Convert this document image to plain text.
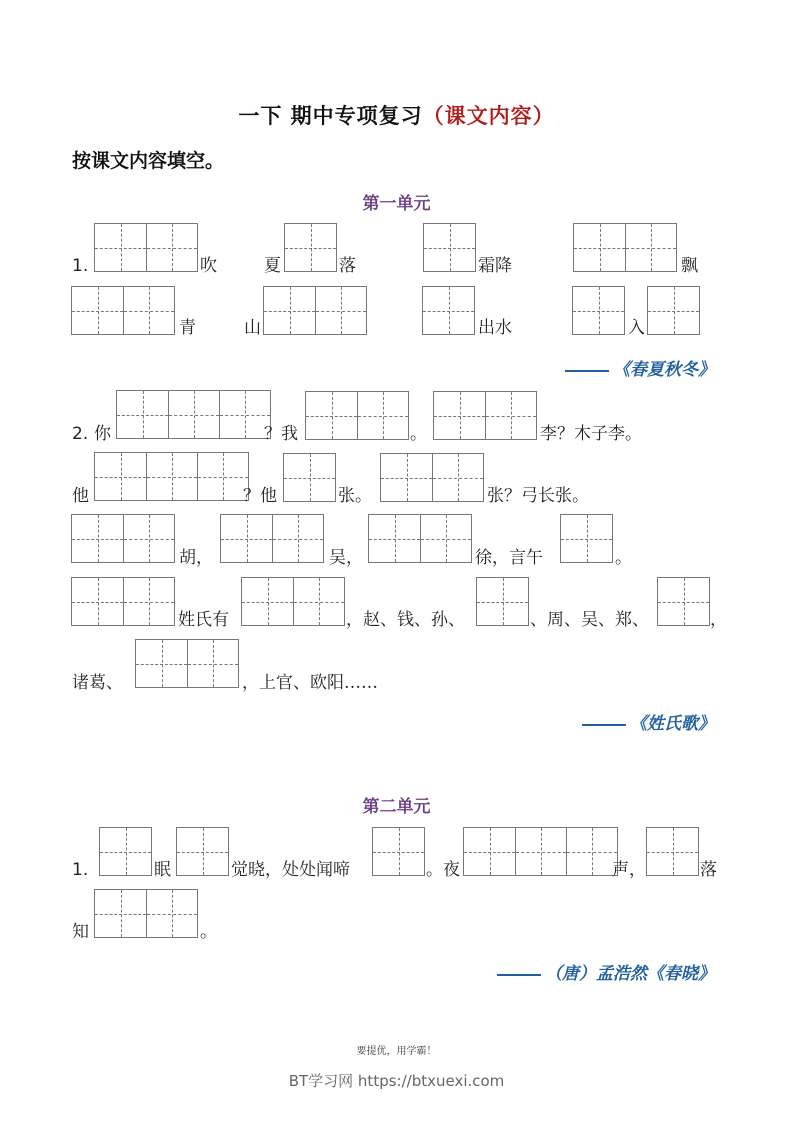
一下 期中专项复习（课文内容）
按课文内容填空。
第一单元
1.	吹	夏	落	霜降	飘
青	山	出水	入
《春夏秋冬》
2. 你	？我	。	李？木子李。
他	？他	张。	张？弓长张。
胡，	吴，	徐，言午	。
姓氏有	，赵、钱、孙、	、周、吴、郑、	，
诸葛、	，上官、欧阳……
《姓氏歌》
第二单元
1.	眠	觉晓，处处闻啼	。夜	声，	落
知	。
（唐）孟浩然《春晓》
要提优，用学霸！
BT学习网 https://btxuexi.com
